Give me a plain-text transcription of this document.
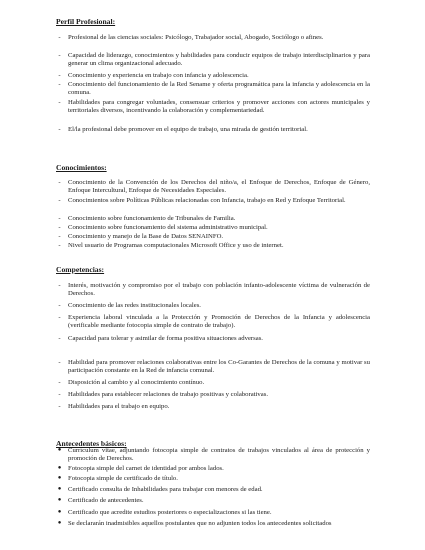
Perfil Profesional:
-	Profesional de las ciencias sociales: Psicólogo, Trabajador social, Abogado, Sociólogo o afines.
-	Capacidad de liderazgo, conocimientos y habilidades para conducir equipos de trabajo interdisciplinarios y para generar un clima organizacional adecuado.
-	Conocimiento y experiencia en trabajo con infancia y adolescencia.
-	Conocimiento del funcionamiento de la Red Sename y oferta programática para la infancia y adolescencia en la comuna.
-	Habilidades para congregar voluntades, consensuar criterios y promover acciones con actores municipales y territoriales diversos, incentivando la colaboración y complementariedad.
-	El/la profesional debe promover en el equipo de trabajo, una mirada de gestión territorial.
Conocimientos:
-	Conocimiento de la Convención de los Derechos del niño/a, el Enfoque de Derechos, Enfoque de Género, Enfoque Intercultural, Enfoque de Necesidades Especiales.
-	Conocimientos sobre Políticas Públicas relacionadas con Infancia, trabajo en Red y Enfoque Territorial.
-	Conocimiento sobre funcionamiento de Tribunales de Familia.
-	Conocimiento sobre funcionamiento del sistema administrativo municipal.
-	Conocimiento y manejo de la Base de Datos SENAINFO.
-	Nivel usuario de Programas computacionales Microsoft Office y uso de internet.
Competencias:
-	Interés, motivación y compromiso por el trabajo con población infanto-adolescente víctima de vulneración de Derechos.
-	Conocimiento de las redes institucionales locales.
-	Experiencia laboral vinculada a la Protección y Promoción de Derechos de la Infancia y adolescencia (verificable mediante fotocopia simple de contrato de trabajo).
-	Capacidad para tolerar y asimilar de forma positiva situaciones adversas.
-	Habilidad para promover relaciones colaborativas entre los Co-Garantes de Derechos de la comuna y motivar su participación constante en la Red de infancia comunal.
-	Disposición al cambio y al conocimiento contínuo.
-	Habilidades para establecer relaciones de trabajo positivas y colaborativas.
-	Habilidades para el trabajo en equipo.
Antecedentes básicos:
● Currículum vitae, adjuntando fotocopia simple de contratos de trabajos vinculados al área de protección y promoción de Derechos.
● Fotocopia simple del carnet de identidad por ambos lados.
● Fotocopia simple de certificado de título.
● Certificado consulta de Inhabilidades para trabajar con menores de edad.
● Certificado de antecedentes.
● Certificado que acredite estudios posteriores o especializaciones si las tiene.
● Se declararán inadmisibles aquellos postulantes que no adjunten todos los antecedentes solicitados
